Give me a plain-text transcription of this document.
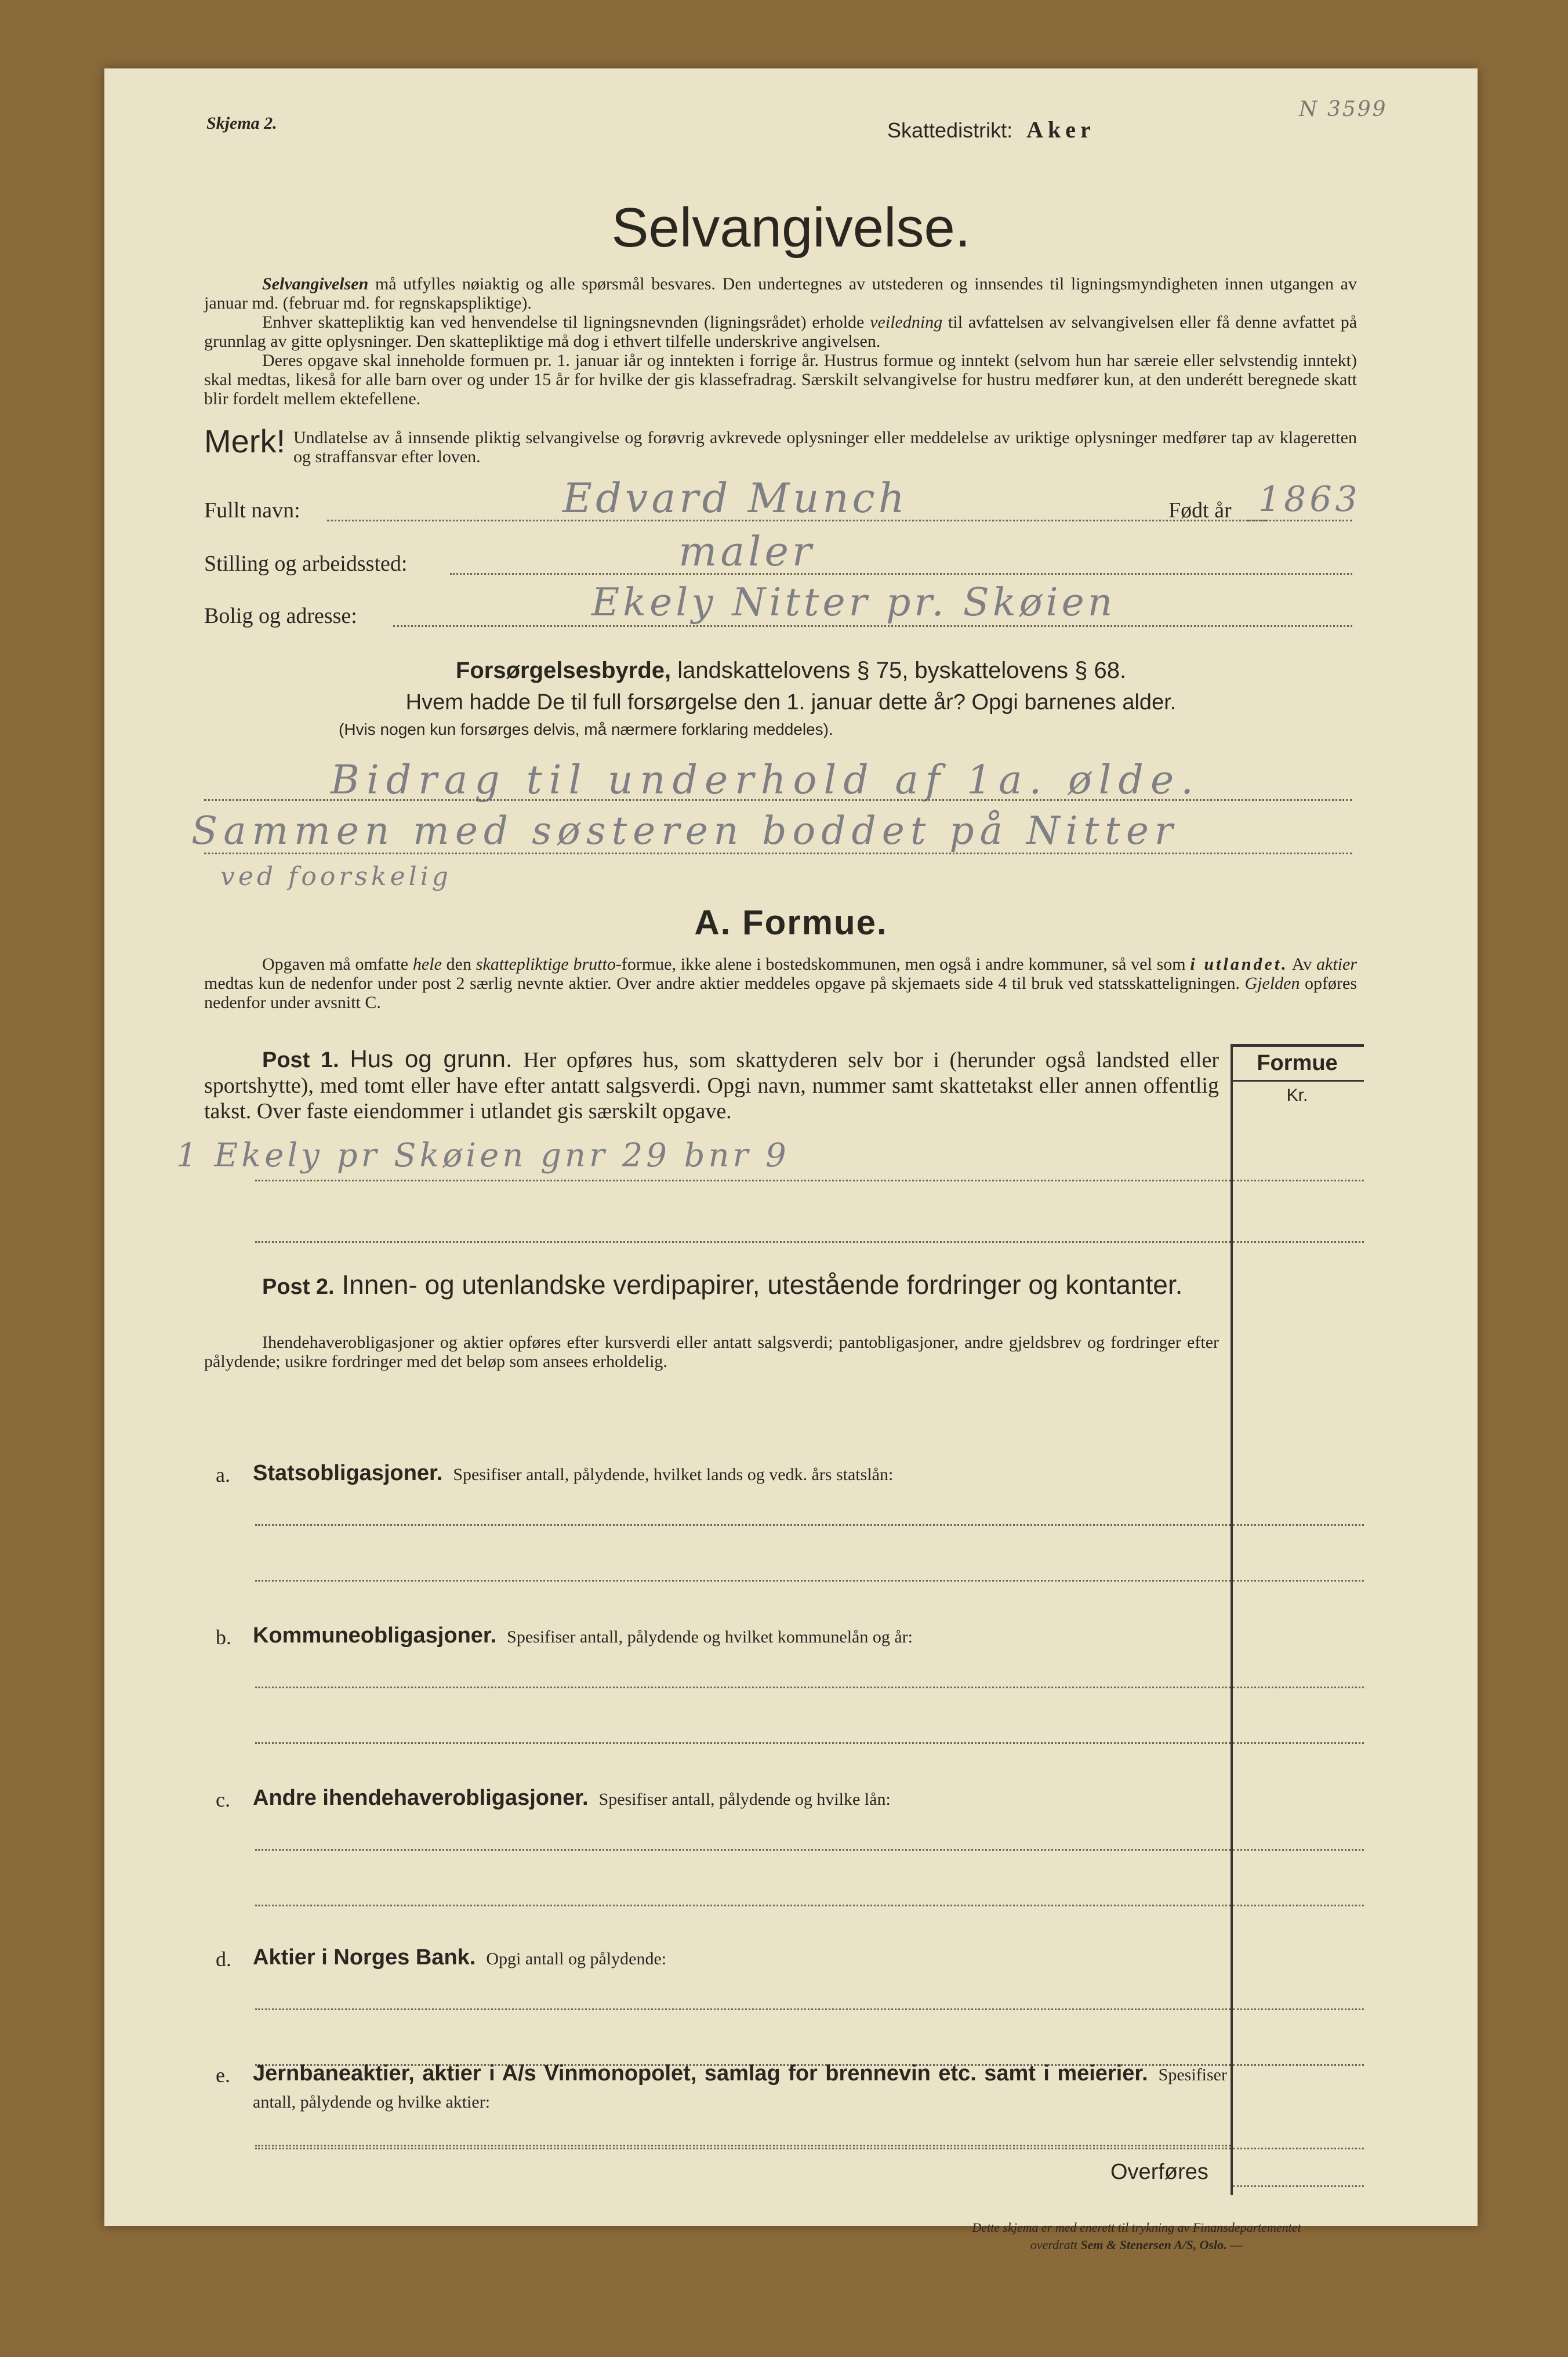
Skjema 2.	Skattedistrikt: Aker
N 3599
Selvangivelse.
Selvangivelsen må utfylles nøiaktig og alle spørsmål besvares. Den undertegnes av utstederen og innsendes til ligningsmyndigheten innen utgangen av januar md. (februar md. for regnskapspliktige).
Enhver skattepliktig kan ved henvendelse til ligningsnevnden (ligningsrådet) erholde veiledning til avfattelsen av selvangivelsen eller få denne avfattet på grunnlag av gitte oplysninger. Den skattepliktige må dog i ethvert tilfelle underskrive angivelsen.
Deres opgave skal inneholde formuen pr. 1. januar iår og inntekten i forrige år. Hustrus formue og inntekt (selvom hun har særeie eller selvstendig inntekt) skal medtas, likeså for alle barn over og under 15 år for hvilke der gis klassefradrag. Særskilt selvangivelse for hustru medfører kun, at den underétt beregnede skatt blir fordelt mellem ektefellene.
Merk! Undlatelse av å innsende pliktig selvangivelse og forøvrig avkrevede oplysninger eller meddelelse av uriktige oplysninger medfører tap av klageretten og straffansvar efter loven.
Fullt navn:	Edvard Munch	Født år 1863
Stilling og arbeidssted:	maler
Bolig og adresse:	Ekely Nitter pr. Skøien
Forsørgelsesbyrde, landskattelovens § 75, byskattelovens § 68.
Hvem hadde De til full forsørgelse den 1. januar dette år? Opgi barnenes alder.
(Hvis nogen kun forsørges delvis, må nærmere forklaring meddeles).
Bidrag til underhold af 1a. ølde.
Sammen med søsteren boddet på Nitter
ved foorskelig
A. Formue.
Opgaven må omfatte hele den skattepliktige brutto-formue, ikke alene i bostedskommunen, men også i andre kommuner, så vel som i utlandet. Av aktier medtas kun de nedenfor under post 2 særlig nevnte aktier. Over andre aktier meddeles opgave på skjemaets side 4 til bruk ved statsskatteligningen. Gjelden opføres nedenfor under avsnitt C.
Formue
Kr.
Post 1. Hus og grunn. Her opføres hus, som skattyderen selv bor i (herunder også landsted eller sportshytte), med tomt eller have efter antatt salgsverdi. Opgi navn, nummer samt skattetakst eller annen offentlig takst. Over faste eiendommer i utlandet gis særskilt opgave.
1 Ekely pr Skøien gnr 29 bnr 9
Post 2. Innen- og utenlandske verdipapirer, utestående fordringer og kontanter.
Ihendehaverobligasjoner og aktier opføres efter kursverdi eller antatt salgsverdi; pantobligasjoner, andre gjeldsbrev og fordringer efter pålydende; usikre fordringer med det beløp som ansees erholdelig.
a. Statsobligasjoner. Spesifiser antall, pålydende, hvilket lands og vedk. års statslån:
b. Kommuneobligasjoner. Spesifiser antall, pålydende og hvilket kommunelån og år:
c. Andre ihendehaverobligasjoner. Spesifiser antall, pålydende og hvilke lån:
d. Aktier i Norges Bank. Opgi antall og pålydende:
e. Jernbaneaktier, aktier i A/s Vinmonopolet, samlag for brennevin etc. samt i meierier. Spesifiser antall, pålydende og hvilke aktier:
Overføres
Dette skjema er med enerett til trykning av Finansdepartementet
overdratt Sem & Stenersen A/S, Oslo. —
